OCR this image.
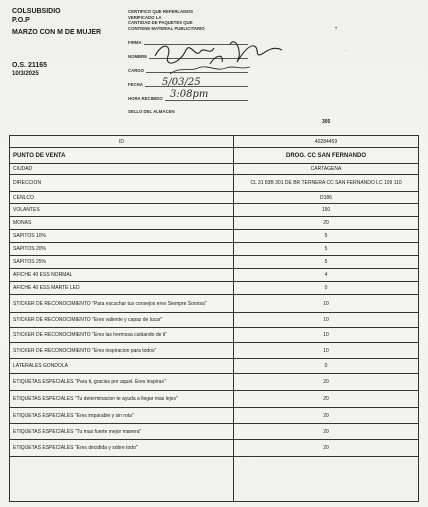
COLSUBSIDIO
P.O.P
MARZO CON M DE MUJER
O.S. 21165
10/3/2025
CERTIFICO QUE REFERLAMOS
VERIFICADO LA
CANTIDAD DE PAQUETES QUE
CONTIENE MATERIAL PUBLICITARIO
FIRMA
NOMBRE
CARGO
FECHA
HORA RECIBIDO
SELLO DEL ALMACEN
5/03/25
3:08pm
•
·
305
ID	40284459
PUNTO DE VENTA	DROG. CC SAN FERNANDO
CIUDAD	CARTAGENA
DIRECCION	CL 31 83B 301 DE BR TERNERA CC SAN FERNANDO LC 109 110
CENLCO	D186
VOLANTES	150
MONAS	20
SAPITOS 10%	5
SAPITOS 20%	5
SAPITOS 25%	5
AFICHE 40 ESS NORMAL	4
AFICHE 40 ESS MARTE LED	0
STICKER DE RECONOCIMIENTO "Para escuchar tus consejos eres Siempre Sonrisa"	10
STICKER DE RECONOCIMIENTO "Eres valiente y capaz de lucar"	10
STICKER DE RECONOCIMIENTO "Eres las hermosa cuidando de ti"	10
STICKER DE RECONOCIMIENTO "Eres inspiracion para todos"	10
LATERALES GONDOLA	0
ETIQUETAS ESPECIALES "Para ti, gracias por aquel. Eres inspiras"	20
ETIQUETAS ESPECIALES "Tu determinacion te ayuda a llegar mas lejos"	20
ETIQUETAS ESPECIALES "Eres imparable y sin rota"	20
ETIQUETAS ESPECIALES "Tu mas fuerte mejor manera"	20
ETIQUETAS ESPECIALES "Eres decidida y sobre todo"	20
